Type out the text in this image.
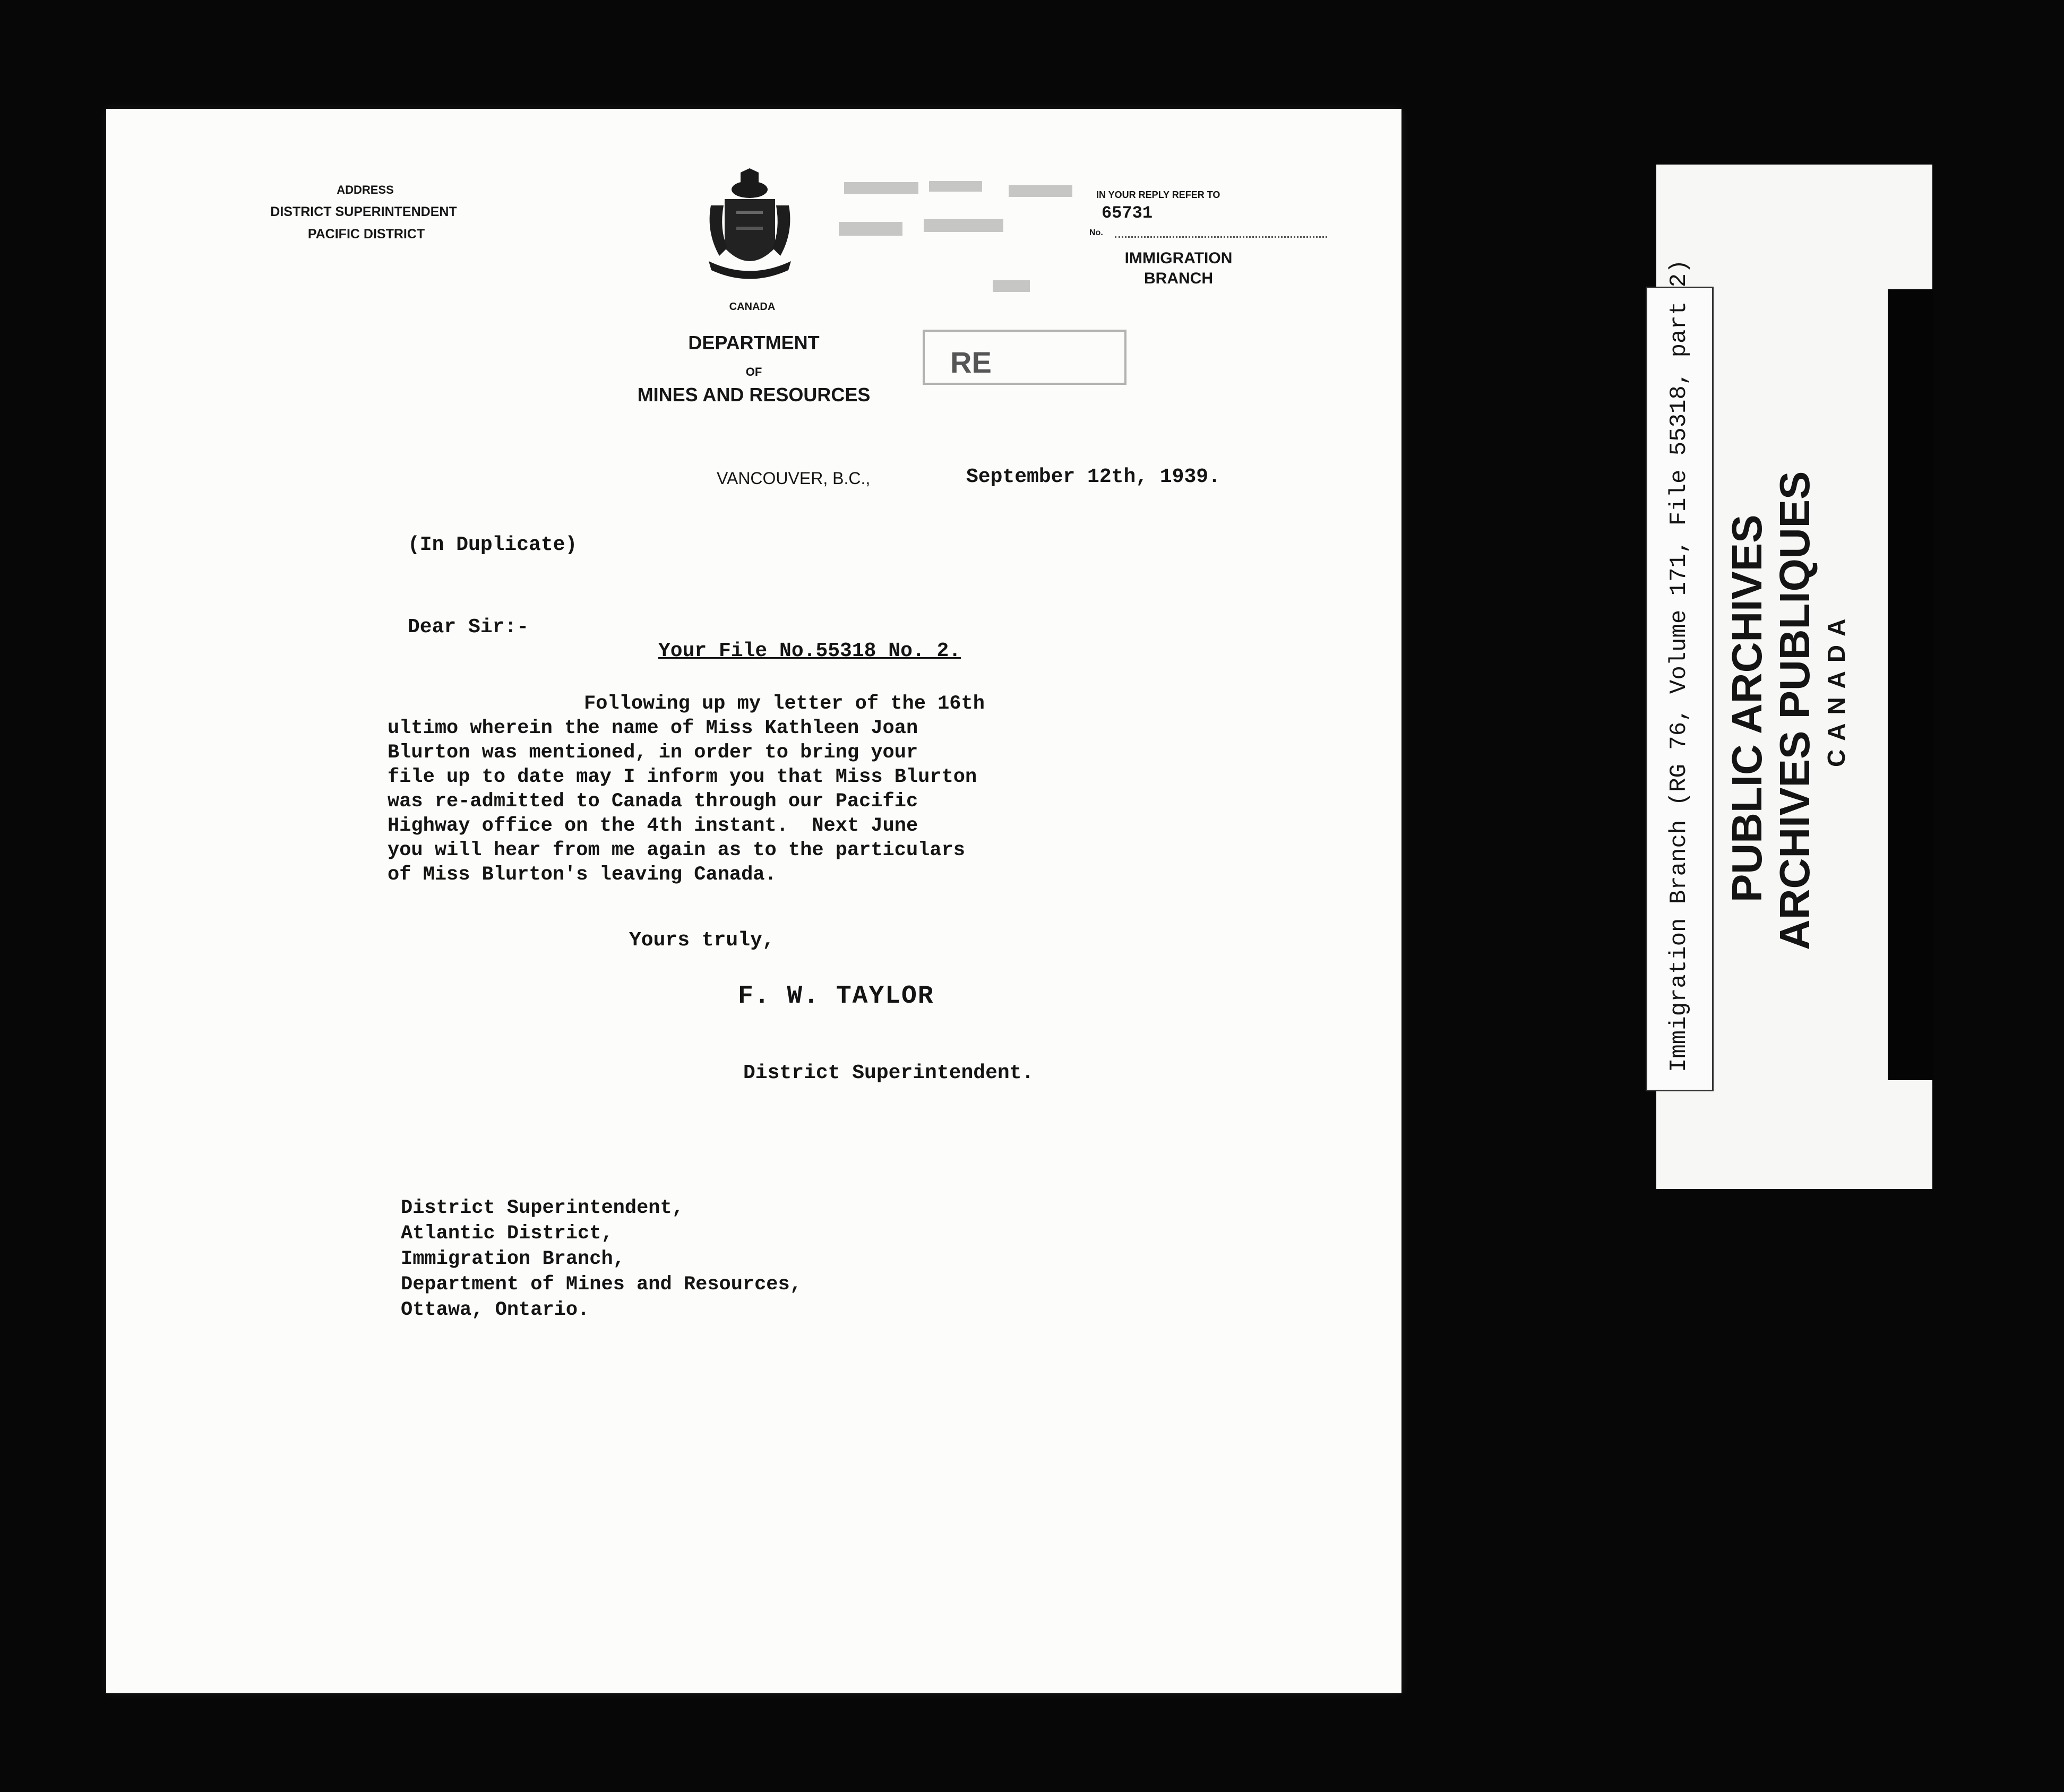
ADDRESS
DISTRICT SUPERINTENDENT
PACIFIC DISTRICT
CANADA
DEPARTMENT
OF
MINES AND RESOURCES
RE
IN YOUR REPLY REFER TO
65731
No.
IMMIGRATION
BRANCH
VANCOUVER, B.C.,	September 12th, 1939.
(In Duplicate)
Dear Sir:-
Your File No.55318 No. 2.
Following up my letter of the 16th
ultimo wherein the name of Miss Kathleen Joan
Blurton was mentioned, in order to bring your
file up to date may I inform you that Miss Blurton
was re-admitted to Canada through our Pacific
Highway office on the 4th instant.  Next June
you will hear from me again as to the particulars
of Miss Blurton's leaving Canada.
Yours truly,
F. W. TAYLOR
District Superintendent.
District Superintendent,
Atlantic District,
Immigration Branch,
Department of Mines and Resources,
Ottawa, Ontario.
Immigration Branch (RG 76, Volume 171, File 55318, part 2) PUBLIC ARCHIVES ARCHIVES PUBLIQUES CANADA
